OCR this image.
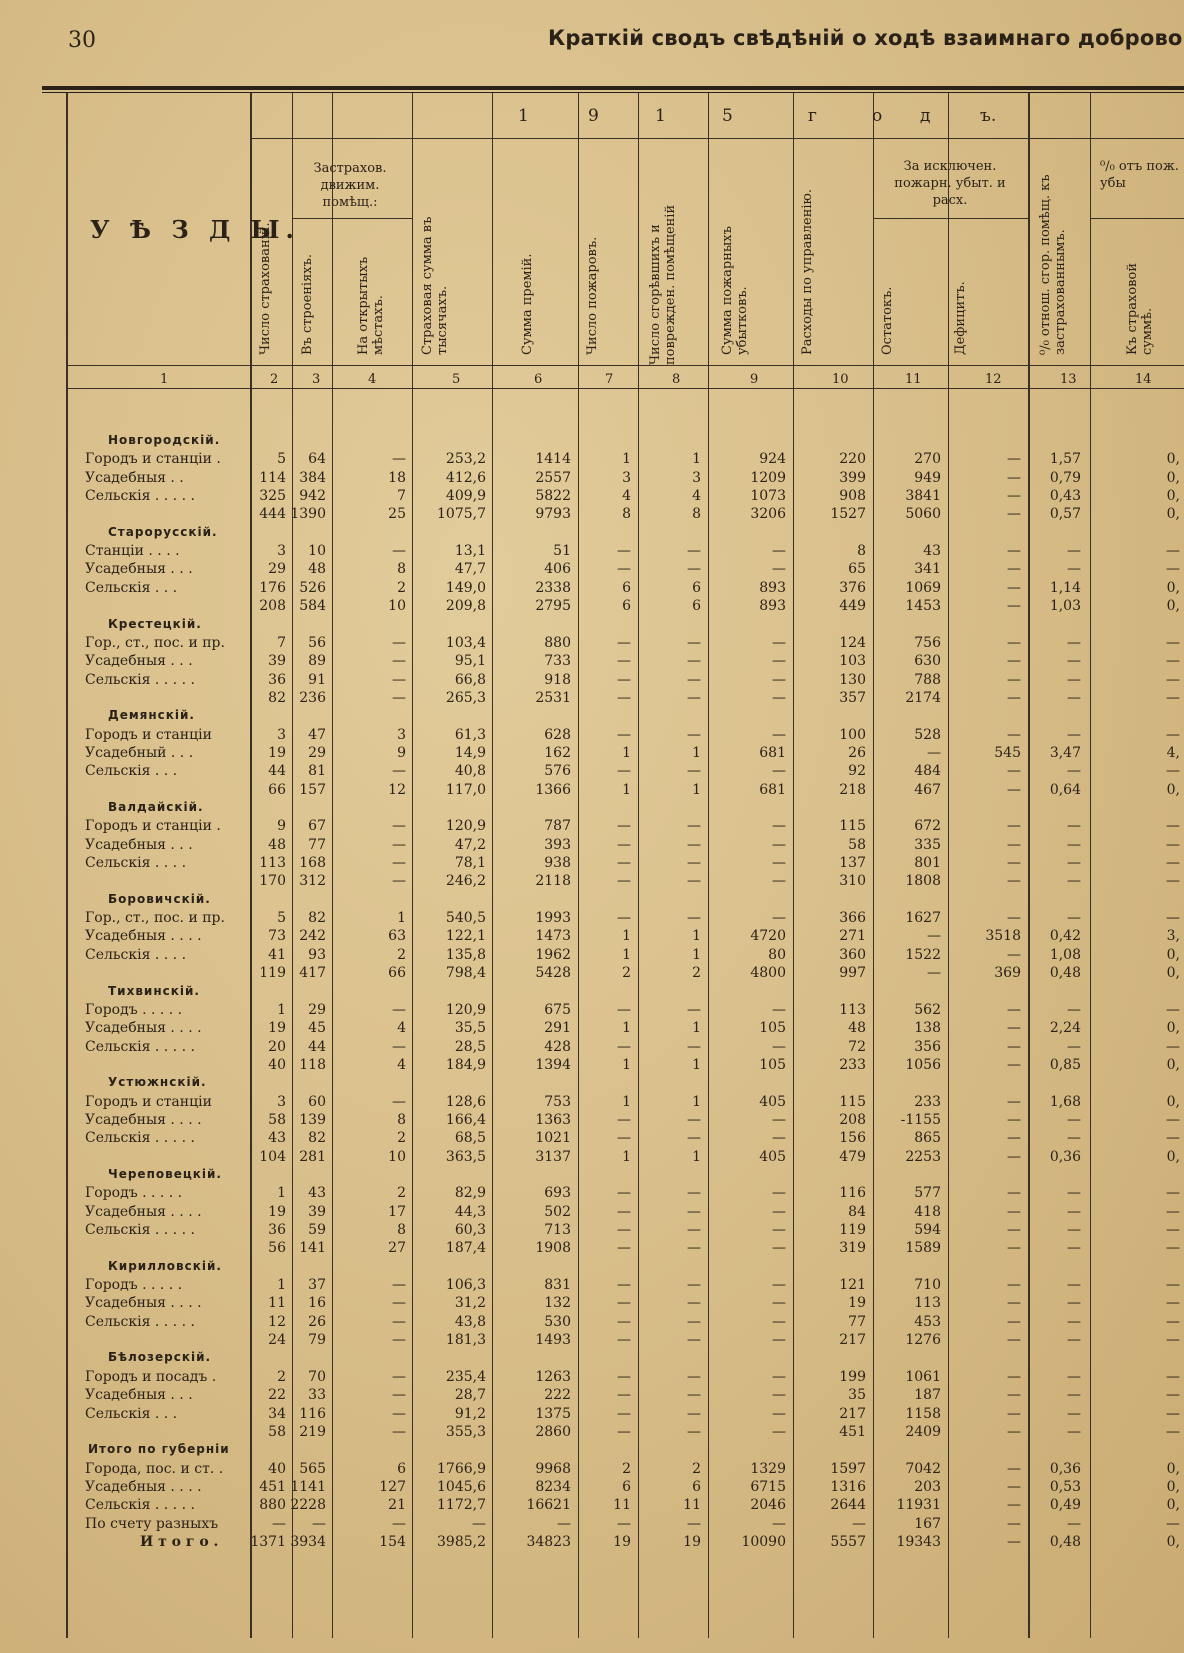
30	Краткій сводъ свѣдѣній о ходѣ взаимнаго доброво
У Ѣ З Д Ы.
1	9	1	5	г	о д	ъ.
Застрахов. движим. помѣщ.:
За исключен. пожарн. убыт. и расх.
⁰/₀ отъ пож. убы
Число страхованій.	Въ строеніяхъ.	На открытыхъ мѣстахъ.	Страховая сумма въ тысячахъ.	Сумма премій.	Число пожаровъ.	Число сгорѣвшихъ и поврежден. помѣщеній	Сумма пожарныхъ убытковъ.	Расходы по управленію.	Остатокъ.	Дефицитъ.	⁰/₀ отнош. сгор. помѣщ. къ застрахованнымъ.	Къ страховой суммѣ.
1	2	3	4	5	6	7	8	9	10	11	12	13	14
Новгородскій.
Городъ и станціи .	5 64	—	253,2	1414	1	1	924	220	270	— 1,57	0,
Усадебныя . .	114 384	18	412,6	2557	3	3	1209	399	949	— 0,79	0,
Сельскія . . . . .	325 942	7	409,9	5822	4	4	1073	908	3841	— 0,43	0,
444 1390	25 1075,7	9793	8	8	3206	1527	5060	— 0,57	0,
Старорусскій.
Станціи . . . .	3 10	—	13,1	51	—	—	—	8	43	—	—	—
Усадебныя . . .	29 48	8	47,7	406	—	—	—	65	341	—	—	—
Сельскія . . .	176 526	2	149,0	2338	6	6	893	376	1069	— 1,14	0,
208 584	10	209,8	2795	6	6	893	449	1453	— 1,03	0,
Крестецкій.
Гор., ст., пос. и пр.	7 56	—	103,4	880	—	—	—	124	756	—	—	—
Усадебныя . . .	39 89	—	95,1	733	—	—	—	103	630	—	—	—
Сельскія . . . . .	36 91	—	66,8	918	—	—	—	130	788	—	—	—
82 236	—	265,3	2531	—	—	—	357	2174	—	—	—
Демянскій.
Городъ и станціи	3 47	3	61,3	628	—	—	—	100	528	—	—	—
Усадебный . . .	19 29	9	14,9	162	1	1	681	26	—	545 3,47	4,
Сельскія . . .	44 81	—	40,8	576	—	—	—	92	484	—	—	—
66 157	12	117,0	1366	1	1	681	218	467	— 0,64	0,
Валдайскій.
Городъ и станціи .	9 67	—	120,9	787	—	—	—	115	672	—	—	—
Усадебныя . . .	48 77	—	47,2	393	—	—	—	58	335	—	—	—
Сельскія . . . .	113 168	—	78,1	938	—	—	—	137	801	—	—	—
170 312	—	246,2	2118	—	—	—	310	1808	—	—	—
Боровичскій.
Гор., ст., пос. и пр.	5 82	1	540,5	1993	—	—	—	366	1627	—	—	—
Усадебныя . . . .	73 242	63	122,1	1473	1	1	4720	271	—	3518 0,42	3,
Сельскія . . . .	41 93	2	135,8	1962	1	1	80	360	1522	— 1,08	0,
119 417	66	798,4	5428	2	2	4800	997	—	369 0,48	0,
Тихвинскій.
Городъ . . . . .	1 29	—	120,9	675	—	—	—	113	562	—	—	—
Усадебныя . . . .	19 45	4	35,5	291	1	1	105	48	138	— 2,24	0,
Сельскія . . . . .	20 44	—	28,5	428	—	—	—	72	356	—	—	—
40 118	4	184,9	1394	1	1	105	233	1056	— 0,85	0,
Устюжнскій.
Городъ и станціи	3 60	—	128,6	753	1	1	405	115	233	— 1,68	0,
Усадебныя . . . .	58 139	8	166,4	1363	—	—	—	208 -1155	—	—	—
Сельскія . . . . .	43 82	2	68,5	1021	—	—	—	156	865	—	—	—
104 281	10	363,5	3137	1	1	405	479	2253	— 0,36	0,
Череповецкій.
Городъ . . . . .	1 43	2	82,9	693	—	—	—	116	577	—	—	—
Усадебныя . . . .	19 39	17	44,3	502	—	—	—	84	418	—	—	—
Сельскія . . . . .	36 59	8	60,3	713	—	—	—	119	594	—	—	—
56 141	27	187,4	1908	—	—	—	319	1589	—	—	—
Кирилловскій.
Городъ . . . . .	1 37	—	106,3	831	—	—	—	121	710	—	—	—
Усадебныя . . . .	11 16	—	31,2	132	—	—	—	19	113	—	—	—
Сельскія . . . . .	12 26	—	43,8	530	—	—	—	77	453	—	—	—
24 79	—	181,3	1493	—	—	—	217	1276	—	—	—
Бѣлозерскій.
Городъ и посадъ .	2 70	—	235,4	1263	—	—	—	199	1061	—	—	—
Усадебныя . . .	22 33	—	28,7	222	—	—	—	35	187	—	—	—
Сельскія . . .	34 116	—	91,2	1375	—	—	—	217	1158	—	—	—
58 219	—	355,3	2860	—	—	—	451	2409	—	—	—
Итого по губерніи
Города, пос. и ст. .	40 565	6 1766,9	9968	2	2	1329	1597	7042	— 0,36	0,
Усадебныя . . . .	451 1141	127 1045,6	8234	6	6	6715	1316	203	— 0,53	0,
Сельскія . . . . .	880 2228	21 1172,7	16621	11	11	2046	2644 11931	— 0,49	0,
По счету разныхъ	— —	—	—	—	—	—	—	—	167	—	—	—
И т о г о . 1371 3934	154 3985,2	34823	19	19	10090	5557 19343	— 0,48	0,
